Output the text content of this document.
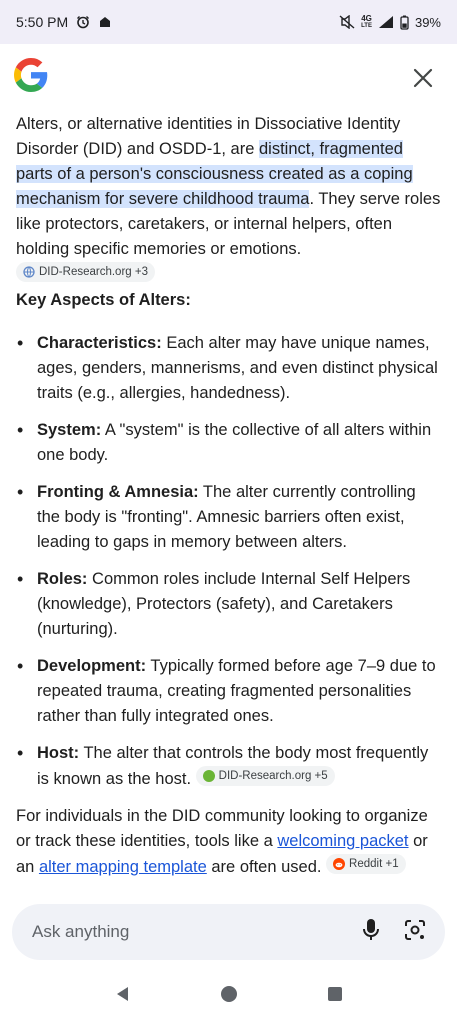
5:50 PM	4G
LTE	39%

Alters, or alternative identities in Dissociative Identity Disorder (DID) and OSDD-1, are distinct, fragmented parts of a person's consciousness created as a coping mechanism for severe childhood trauma. They serve roles like protectors, caretakers, or internal helpers, often holding specific memories or emotions.
DID-Research.org +3

Key Aspects of Alters:

• Characteristics: Each alter may have unique names, ages, genders, mannerisms, and even distinct physical traits (e.g., allergies, handedness).
• System: A "system" is the collective of all alters within one body.
• Fronting & Amnesia: The alter currently controlling the body is "fronting". Amnesic barriers often exist, leading to gaps in memory between alters.
• Roles: Common roles include Internal Self Helpers (knowledge), Protectors (safety), and Caretakers (nurturing).
• Development: Typically formed before age 7–9 due to repeated trauma, creating fragmented personalities rather than fully integrated ones.
• Host: The alter that controls the body most frequently is known as the host. DID-Research.org +5

For individuals in the DID community looking to organize or track these identities, tools like a welcoming packet or an alter mapping template are often used. Reddit +1

Ask anything
